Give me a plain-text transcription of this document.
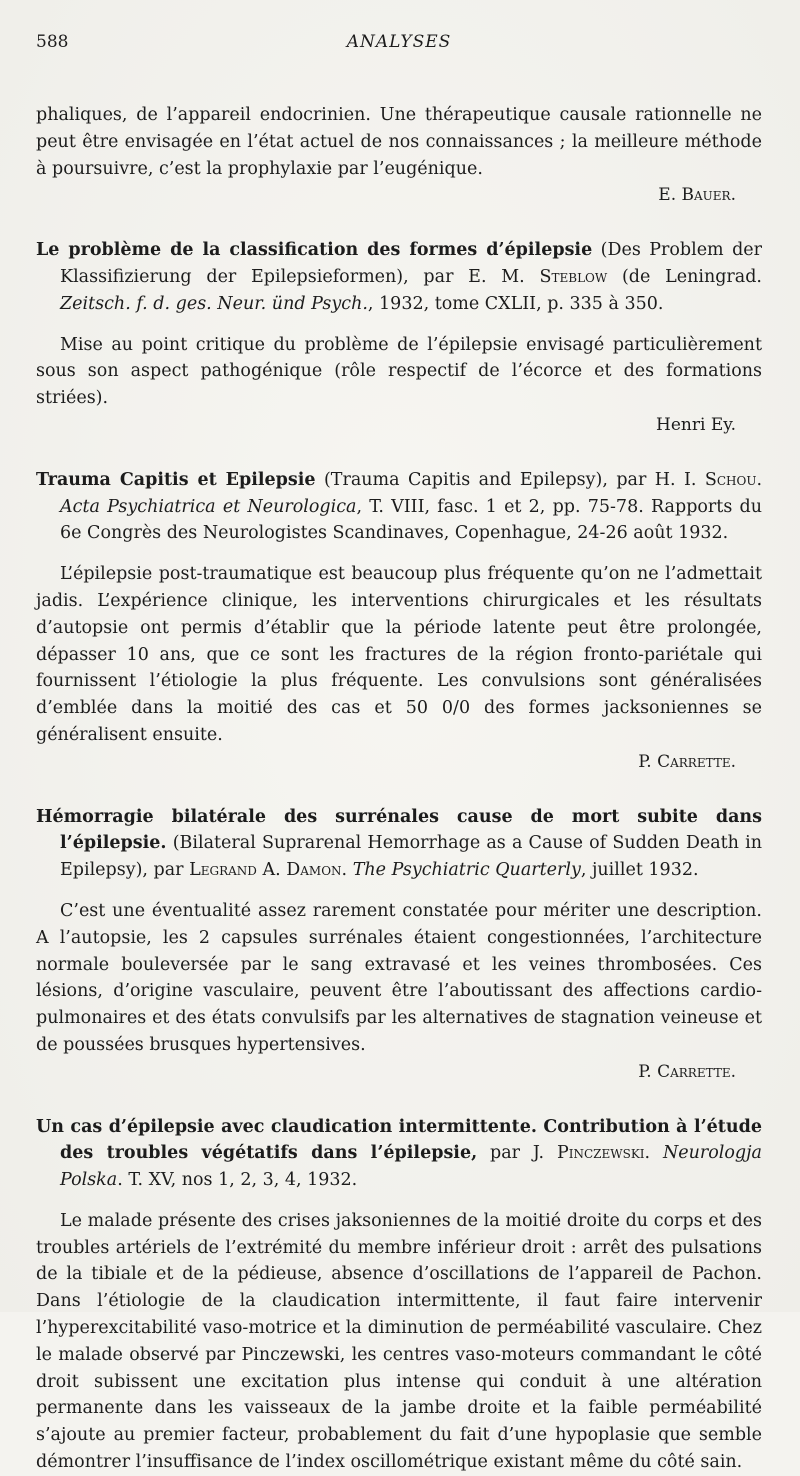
588	ANALYSES

phaliques, de l’appareil endocrinien. Une thérapeutique causale rationnelle ne peut être envisagée en l’état actuel de nos connaissances ; la meilleure méthode à poursuivre, c’est la prophylaxie par l’eugénique.

E. Bauer.

Le problème de la classification des formes d’épilepsie (Des Problem der Klassifizierung der Epilepsieformen), par E. M. Steblow (de Leningrad. Zeitsch. f. d. ges. Neur. ünd Psych., 1932, tome CXLII, p. 335 à 350.

Mise au point critique du problème de l’épilepsie envisagé particulièrement sous son aspect pathogénique (rôle respectif de l’écorce et des formations striées).

Henri Ey.

Trauma Capitis et Epilepsie (Trauma Capitis and Epilepsy), par H. I. Schou. Acta Psychiatrica et Neurologica, T. VIII, fasc. 1 et 2, pp. 75-78. Rapports du 6e Congrès des Neurologistes Scandinaves, Copenhague, 24-26 août 1932.

L’épilepsie post-traumatique est beaucoup plus fréquente qu’on ne l’admettait jadis. L’expérience clinique, les interventions chirurgicales et les résultats d’autopsie ont permis d’établir que la période latente peut être prolongée, dépasser 10 ans, que ce sont les fractures de la région fronto-pariétale qui fournissent l’étiologie la plus fréquente. Les convulsions sont généralisées d’emblée dans la moitié des cas et 50 0/0 des formes jacksoniennes se généralisent ensuite.

P. Carrette.

Hémorragie bilatérale des surrénales cause de mort subite dans l’épilepsie. (Bilateral Suprarenal Hemorrhage as a Cause of Sudden Death in Epilepsy), par Legrand A. Damon. The Psychiatric Quarterly, juillet 1932.

C’est une éventualité assez rarement constatée pour mériter une description. A l’autopsie, les 2 capsules surrénales étaient congestionnées, l’architecture normale bouleversée par le sang extravasé et les veines thrombosées. Ces lésions, d’origine vasculaire, peuvent être l’aboutissant des affections cardio-pulmonaires et des états convulsifs par les alternatives de stagnation veineuse et de poussées brusques hypertensives.

P. Carrette.

Un cas d’épilepsie avec claudication intermittente. Contribution à l’étude des troubles végétatifs dans l’épilepsie, par J. Pinczewski. Neurologja Polska. T. XV, nos 1, 2, 3, 4, 1932.

Le malade présente des crises jaksoniennes de la moitié droite du corps et des troubles artériels de l’extrémité du membre inférieur droit : arrêt des pulsations de la tibiale et de la pédieuse, absence d’oscillations de l’appareil de Pachon. Dans l’étiologie de la claudication intermittente, il faut faire intervenir l’hyperexcitabilité vaso-motrice et la diminution de perméabilité vasculaire. Chez le malade observé par Pinczewski, les centres vaso-moteurs commandant le côté droit subissent une excitation plus intense qui conduit à une altération permanente dans les vaisseaux de la jambe droite et la faible perméabilité s’ajoute au premier facteur, probablement du fait d’une hypoplasie que semble démontrer l’insuffisance de l’index oscillométrique existant même du côté sain.
